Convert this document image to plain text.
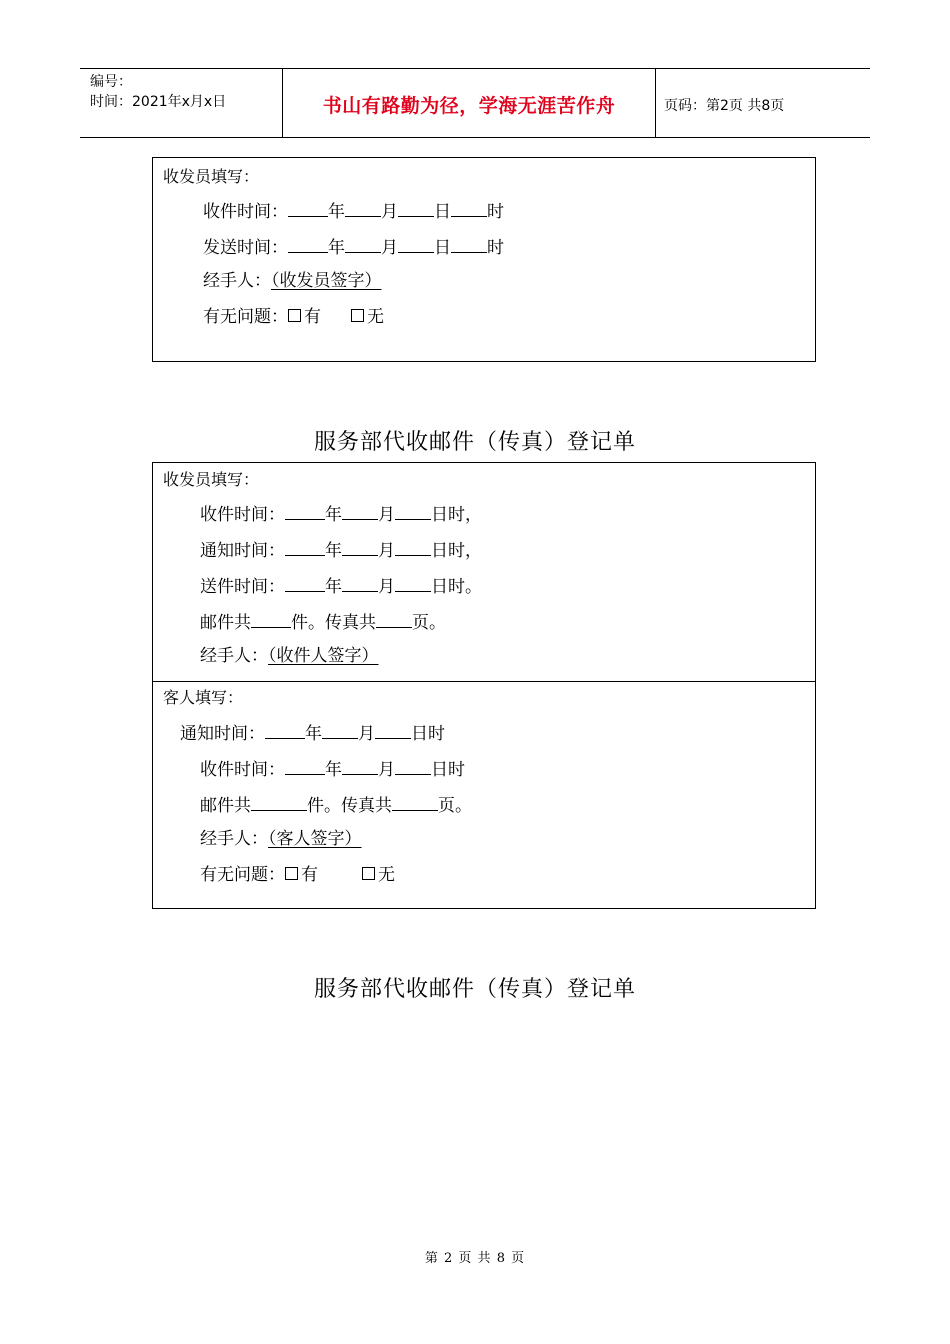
编号：
时间：2021年x月x日	书山有路勤为径，学海无涯苦作舟	页码：第2页 共8页
收发员填写：
收件时间： 年 月 日 时
发送时间： 年 月 日 时
经手人：（收发员签字）
有无问题： 有	无
服务部代收邮件（传真）登记单
收发员填写：
收件时间： 年 月 日时，
通知时间： 年 月 日时，
送件时间： 年 月 日时。
邮件共 件。传真共 页。
经手人：（收件人签字）
客人填写：
通知时间： 年 月 日时
收件时间： 年 月 日时
邮件共	件。传真共	页。
经手人：（客人签字）
有无问题： 有	无
服务部代收邮件（传真）登记单
第 2 页 共 8 页
